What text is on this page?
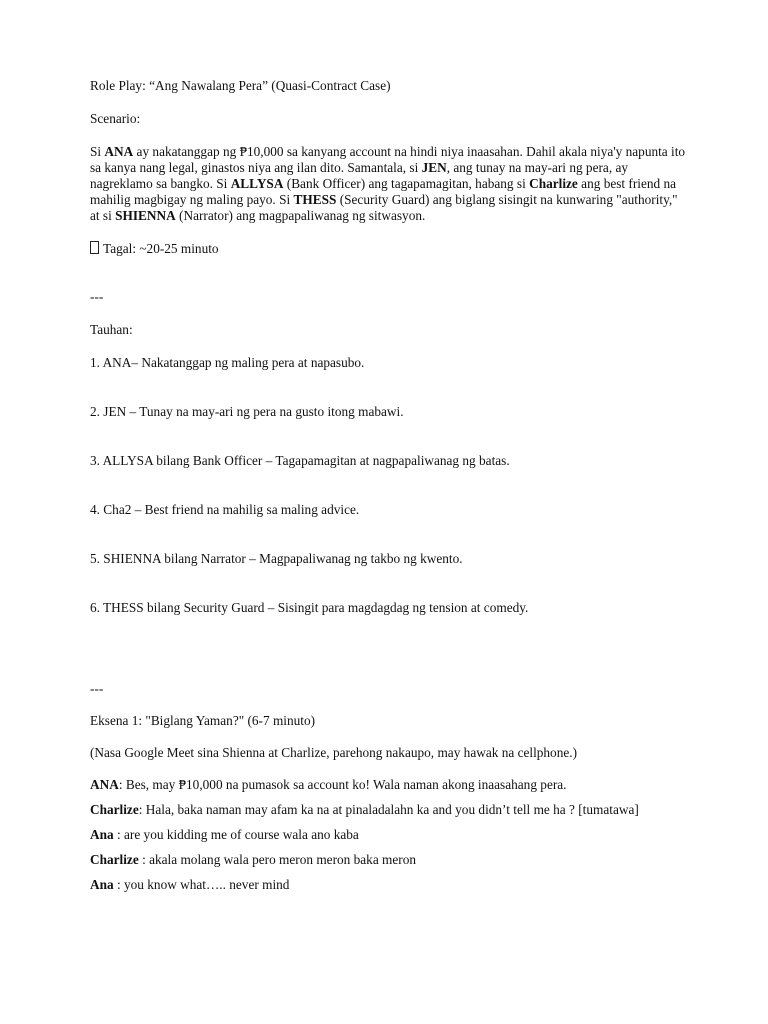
Role Play: “Ang Nawalang Pera” (Quasi-Contract Case)

Scenario:

Si ANA ay nakatanggap ng ₱10,000 sa kanyang account na hindi niya inaasahan. Dahil akala niya'y napunta ito sa kanya nang legal, ginastos niya ang ilan dito. Samantala, si JEN, ang tunay na may-ari ng pera, ay nagreklamo sa bangko. Si ALLYSA (Bank Officer) ang tagapamagitan, habang si Charlize ang best friend na mahilig magbigay ng maling payo. Si THESS (Security Guard) ang biglang sisingit na kunwaring "authority," at si SHIENNA (Narrator) ang magpapaliwanag ng sitwasyon.

Tagal: ~20-25 minuto

---

Tauhan:

1. ANA– Nakatanggap ng maling pera at napasubo.

2. JEN – Tunay na may-ari ng pera na gusto itong mabawi.

3. ALLYSA bilang Bank Officer – Tagapamagitan at nagpapaliwanag ng batas.

4. Cha2 – Best friend na mahilig sa maling advice.

5. SHIENNA bilang Narrator – Magpapaliwanag ng takbo ng kwento.

6. THESS bilang Security Guard – Sisingit para magdagdag ng tension at comedy.

---

Eksena 1: "Biglang Yaman?" (6-7 minuto)

(Nasa Google Meet sina Shienna at Charlize, parehong nakaupo, may hawak na cellphone.)

ANA: Bes, may ₱10,000 na pumasok sa account ko! Wala naman akong inaasahang pera.

Charlize: Hala, baka naman may afam ka na at pinaladalahn ka and you didn’t tell me ha ? [tumatawa]

Ana : are you kidding me of course wala ano kaba

Charlize : akala molang wala pero meron meron baka meron

Ana : you know what….. never mind
